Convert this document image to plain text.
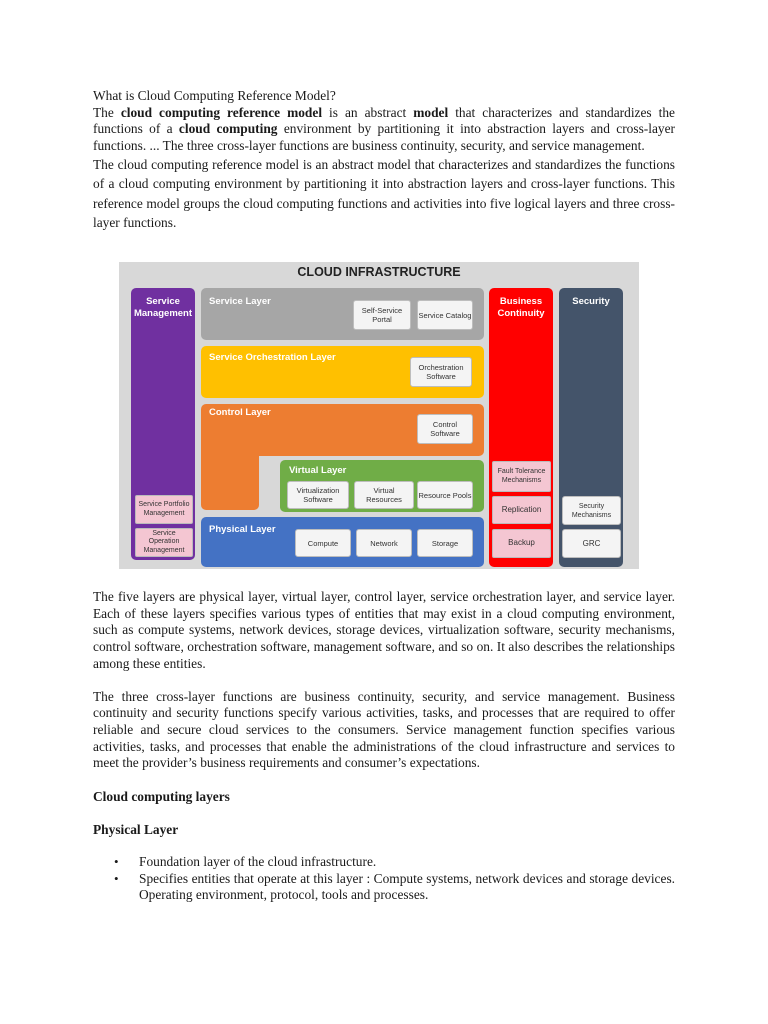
What is Cloud Computing Reference Model?

The cloud computing reference model is an abstract model that characterizes and standardizes the functions of a cloud computing environment by partitioning it into abstraction layers and cross-layer functions. ... The three cross-layer functions are business continuity, security, and service management.

The cloud computing reference model is an abstract model that characterizes and standardizes the functions of a cloud computing environment by partitioning it into abstraction layers and cross-layer functions. This reference model groups the cloud computing functions and activities into five logical layers and three cross-layer functions.

CLOUD INFRASTRUCTURE
Service Management
Service Portfolio Management
Service Operation Management
Service Layer
Self-Service Portal	Service Catalog
Service Orchestration Layer
Orchestration Software
Control Layer
Control Software
Virtual Layer
Virtualization Software
Virtual Resources	Resource Pools
Physical Layer
Compute	Network	Storage
Business Continuity
Fault Tolerance Mechanisms
Replication
Backup
Security
Security Mechanisms
GRC

The five layers are physical layer, virtual layer, control layer, service orchestration layer, and service layer. Each of these layers specifies various types of entities that may exist in a cloud computing environment, such as compute systems, network devices, storage devices, virtualization software, security mechanisms, control software, orchestration software, management software, and so on. It also describes the relationships among these entities.

The three cross-layer functions are business continuity, security, and service management. Business continuity and security functions specify various activities, tasks, and processes that are required to offer reliable and secure cloud services to the consumers. Service management function specifies various activities, tasks, and processes that enable the administrations of the cloud infrastructure and services to meet the provider’s business requirements and consumer’s expectations.

Cloud computing layers
Physical Layer
• Foundation layer of the cloud infrastructure.
• Specifies entities that operate at this layer : Compute systems, network devices and storage devices. Operating environment, protocol, tools and processes.
